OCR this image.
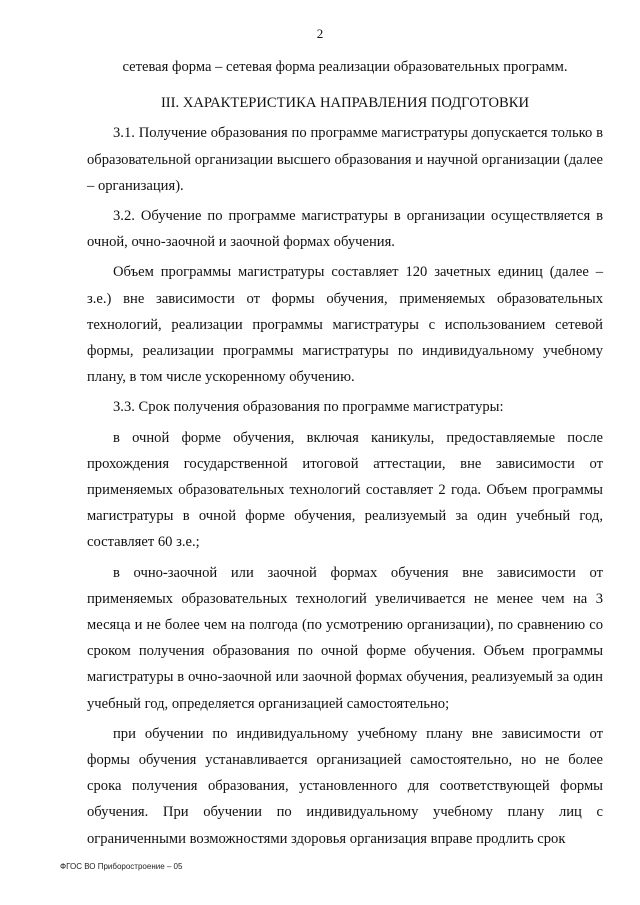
2

сетевая форма – сетевая форма реализации образовательных программ.

III. ХАРАКТЕРИСТИКА НАПРАВЛЕНИЯ ПОДГОТОВКИ

3.1. Получение образования по программе магистратуры допускается только в образовательной организации высшего образования и научной организации (далее – организация).

3.2. Обучение по программе магистратуры в организации осуществляется в очной, очно-заочной и заочной формах обучения.

Объем программы магистратуры составляет 120 зачетных единиц (далее – з.е.) вне зависимости от формы обучения, применяемых образовательных технологий, реализации программы магистратуры с использованием сетевой формы, реализации программы магистратуры по индивидуальному учебному плану, в том числе ускоренному обучению.

3.3. Срок получения образования по программе магистратуры:

в очной форме обучения, включая каникулы, предоставляемые после прохождения государственной итоговой аттестации, вне зависимости от применяемых образовательных технологий составляет 2 года. Объем программы магистратуры в очной форме обучения, реализуемый за один учебный год, составляет 60 з.е.;

в очно-заочной или заочной формах обучения вне зависимости от применяемых образовательных технологий увеличивается не менее чем на 3 месяца и не более чем на полгода (по усмотрению организации), по сравнению со сроком получения образования по очной форме обучения. Объем программы магистратуры в очно-заочной или заочной формах обучения, реализуемый за один учебный год, определяется организацией самостоятельно;

при обучении по индивидуальному учебному плану вне зависимости от формы обучения устанавливается организацией самостоятельно, но не более срока получения образования, установленного для соответствующей формы обучения. При обучении по индивидуальному учебному плану лиц с ограниченными возможностями здоровья организация вправе продлить срок

ФГОС ВО Приборостроение – 05
